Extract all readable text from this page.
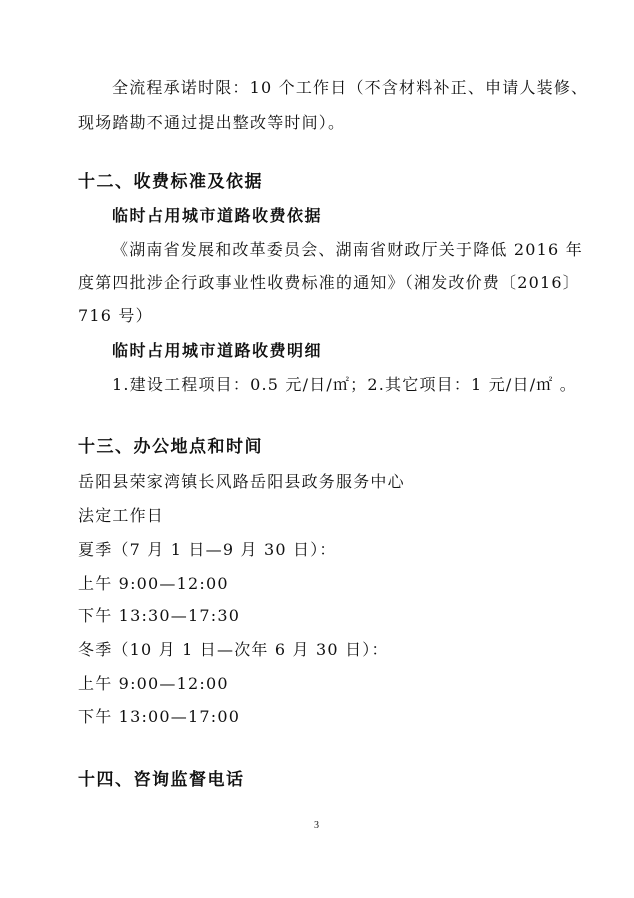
全流程承诺时限：10 个工作日（不含材料补正、申请人装修、
现场踏勘不通过提出整改等时间）。
十二、收费标准及依据
临时占用城市道路收费依据
《湖南省发展和改革委员会、湖南省财政厅关于降低 2016 年
度第四批涉企行政事业性收费标准的通知》（湘发改价费〔2016〕
716 号）
临时占用城市道路收费明细
1.建设工程项目：0.5 元/日/㎡；2.其它项目：1 元/日/㎡ 。
十三、办公地点和时间
岳阳县荣家湾镇长风路岳阳县政务服务中心
法定工作日
夏季（7 月 1 日—9 月 30 日）：
上午 9:00—12:00
下午 13:30—17:30
冬季（10 月 1 日—次年 6 月 30 日）：
上午 9:00—12:00
下午 13:00—17:00
十四、咨询监督电话
3
